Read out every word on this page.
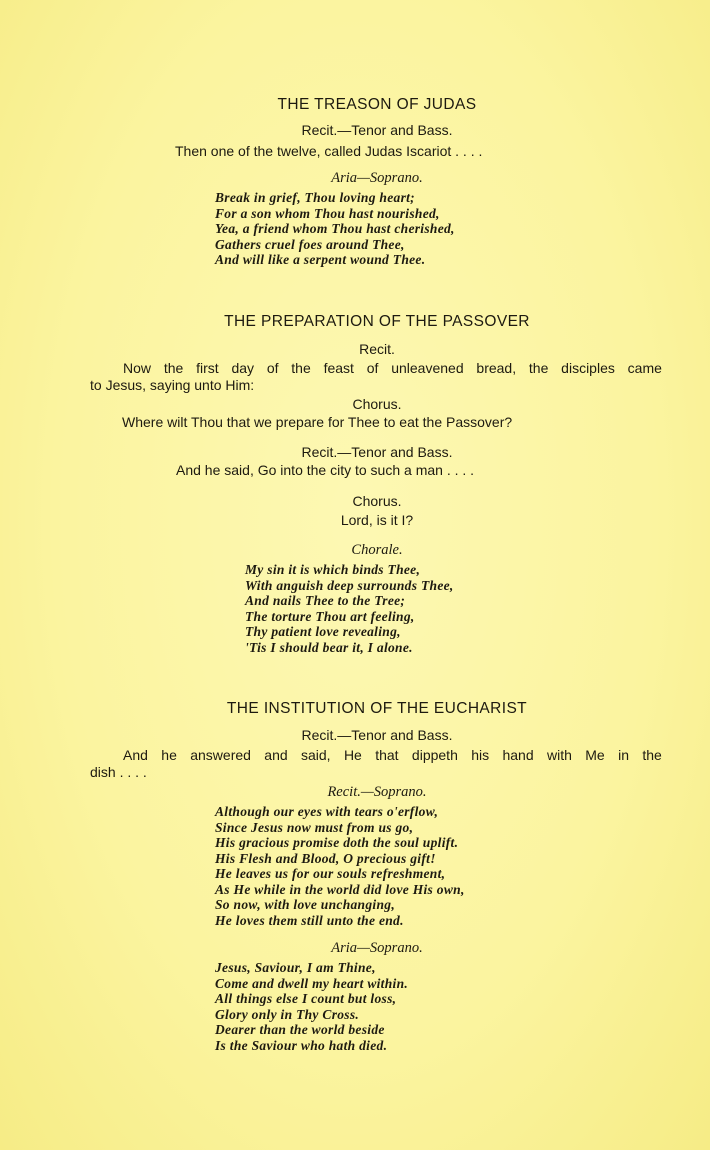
THE TREASON OF JUDAS
Recit.—Tenor and Bass.
Then one of the twelve, called Judas Iscariot . . . .
Aria—Soprano.
Break in grief, Thou loving heart;
For a son whom Thou hast nourished,
Yea, a friend whom Thou hast cherished,
Gathers cruel foes around Thee,
And will like a serpent wound Thee.
THE PREPARATION OF THE PASSOVER
Recit.
Now the first day of the feast of unleavened bread, the disciples came
to Jesus, saying unto Him:
Chorus.
Where wilt Thou that we prepare for Thee to eat the Passover?
Recit.—Tenor and Bass.
And he said, Go into the city to such a man . . . .
Chorus.
Lord, is it I?
Chorale.
My sin it is which binds Thee,
With anguish deep surrounds Thee,
And nails Thee to the Tree;
The torture Thou art feeling,
Thy patient love revealing,
'Tis I should bear it, I alone.
THE INSTITUTION OF THE EUCHARIST
Recit.—Tenor and Bass.
And he answered and said, He that dippeth his hand with Me in the
dish . . . .
Recit.—Soprano.
Although our eyes with tears o'erflow,
Since Jesus now must from us go,
His gracious promise doth the soul uplift.
His Flesh and Blood, O precious gift!
He leaves us for our souls refreshment,
As He while in the world did love His own,
So now, with love unchanging,
He loves them still unto the end.
Aria—Soprano.
Jesus, Saviour, I am Thine,
Come and dwell my heart within.
All things else I count but loss,
Glory only in Thy Cross.
Dearer than the world beside
Is the Saviour who hath died.
